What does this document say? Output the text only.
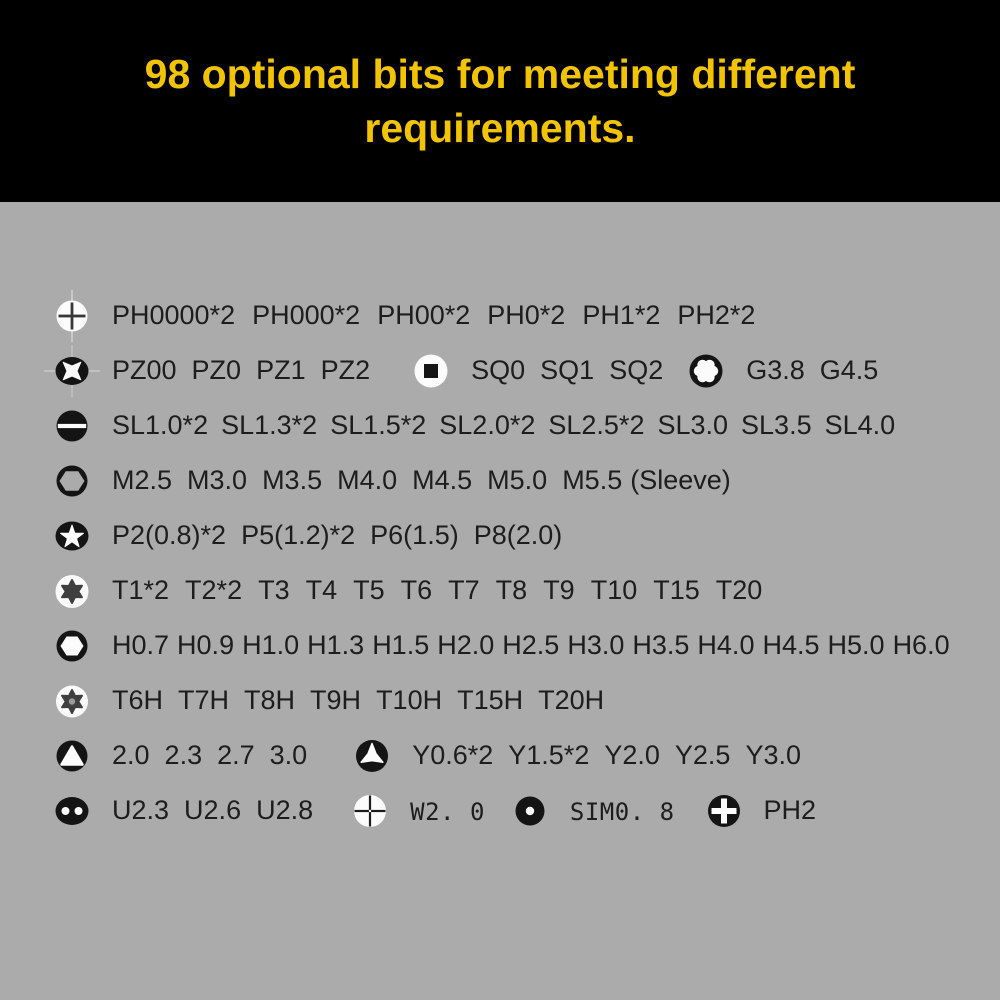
98 optional bits for meeting different
requirements.
PH0000*2 PH000*2 PH00*2 PH0*2 PH1*2 PH2*2
PZ00 PZ0 PZ1 PZ2	SQ0 SQ1 SQ2	G3.8 G4.5
SL1.0*2 SL1.3*2 SL1.5*2 SL2.0*2 SL2.5*2 SL3.0 SL3.5 SL4.0
M2.5 M3.0 M3.5 M4.0 M4.5 M5.0 M5.5 (Sleeve)
P2(0.8)*2 P5(1.2)*2 P6(1.5) P8(2.0)
T1*2 T2*2 T3 T4 T5 T6 T7 T8 T9 T10 T15 T20
H0.7 H0.9 H1.0 H1.3 H1.5 H2.0 H2.5 H3.0 H3.5 H4.0 H4.5 H5.0 H6.0
T6H T7H T8H T9H T10H T15H T20H
2.0 2.3 2.7 3.0	Y0.6*2 Y1.5*2 Y2.0 Y2.5 Y3.0
U2.3 U2.6 U2.8	W2. 0	SIM0. 8	PH2
